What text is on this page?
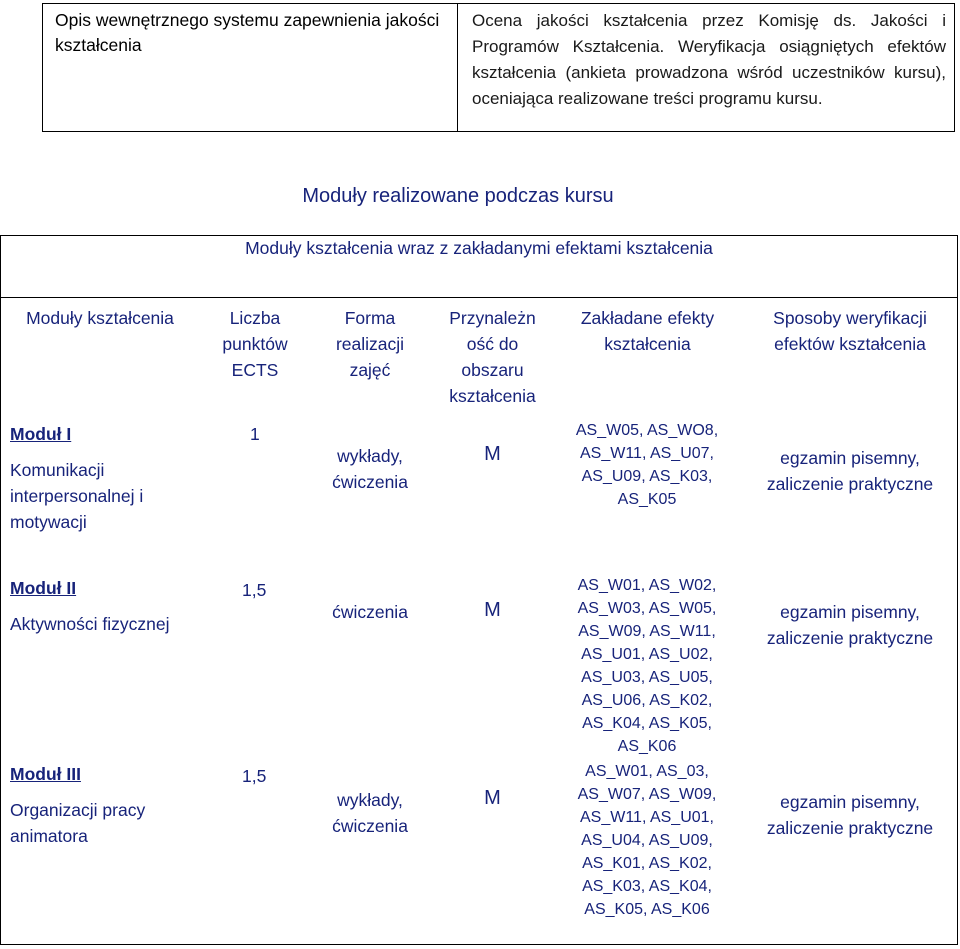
Opis wewnętrznego systemu zapewnienia jakości kształcenia
Ocena jakości kształcenia przez Komisję ds. Jakości i Programów Kształcenia. Weryfikacja osiągniętych efektów kształcenia (ankieta prowadzona wśród uczestników kursu), oceniająca realizowane treści programu kursu.
Moduły realizowane podczas kursu
Moduły kształcenia wraz z zakładanymi efektami kształcenia
Moduły kształcenia	Liczba punktów ECTS
Forma realizacji zajęć
Przynależn ość do obszaru kształcenia
Zakładane efekty kształcenia
Sposoby weryfikacji efektów kształcenia
Moduł I
Komunikacji interpersonalnej i motywacji
1
wykłady, ćwiczenia
M
AS_W05, AS_WO8, AS_W11, AS_U07, AS_U09, AS_K03, AS_K05
egzamin pisemny, zaliczenie praktyczne
Moduł II
Aktywności fizycznej
1,5
ćwiczenia	M
AS_W01, AS_W02, AS_W03, AS_W05, AS_W09, AS_W11, AS_U01, AS_U02, AS_U03, AS_U05, AS_U06, AS_K02, AS_K04, AS_K05, AS_K06
egzamin pisemny, zaliczenie praktyczne
Moduł III
Organizacji pracy animatora
1,5
wykłady, ćwiczenia
M
AS_W01, AS_03, AS_W07, AS_W09, AS_W11, AS_U01, AS_U04, AS_U09, AS_K01, AS_K02, AS_K03, AS_K04, AS_K05, AS_K06
egzamin pisemny, zaliczenie praktyczne
